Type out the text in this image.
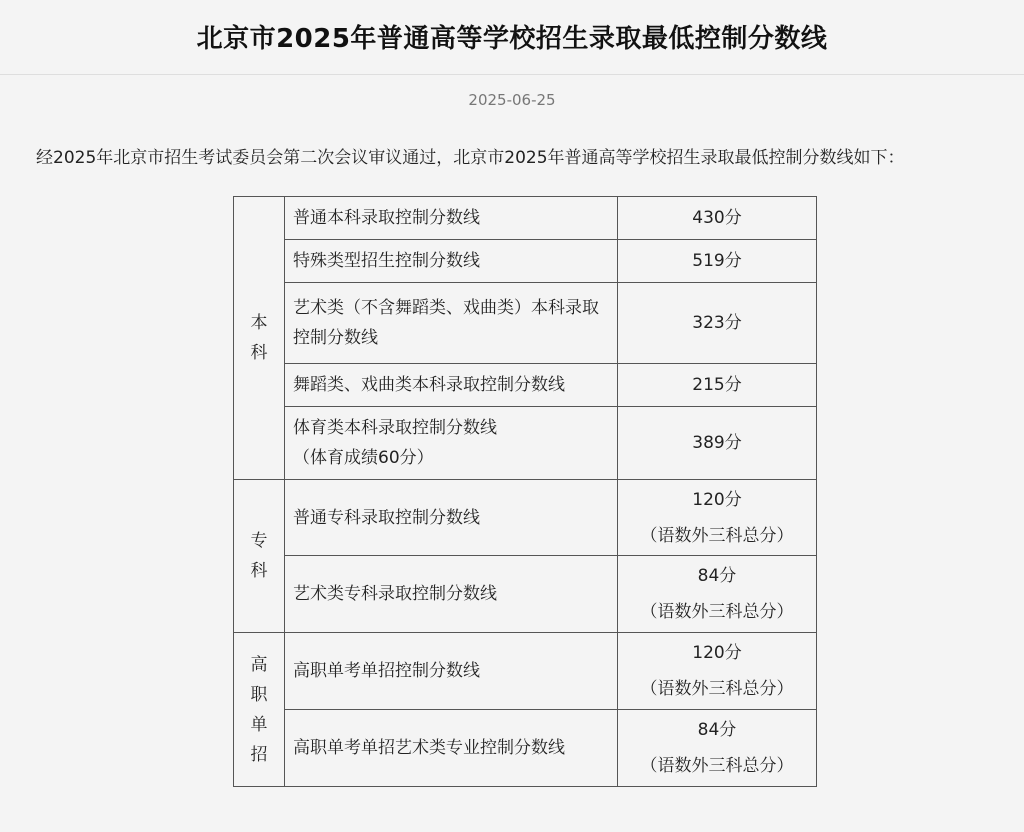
北京市2025年普通高等学校招生录取最低控制分数线
2025-06-25

经2025年北京市招生考试委员会第二次会议审议通过，北京市2025年普通高等学校招生录取最低控制分数线如下：

本科	普通本科录取控制分数线	430分
	特殊类型招生控制分数线	519分
	艺术类（不含舞蹈类、戏曲类）本科录取控制分数线	323分
	舞蹈类、戏曲类本科录取控制分数线	215分
	体育类本科录取控制分数线
（体育成绩60分）	389分
专科	普通专科录取控制分数线	120分
（语数外三科总分）

	艺术类专科录取控制分数线	84分
（语数外三科总分）

高职单招	高职单考单招控制分数线	120分
（语数外三科总分）

	高职单考单招艺术类专业控制分数线	84分
（语数外三科总分）
